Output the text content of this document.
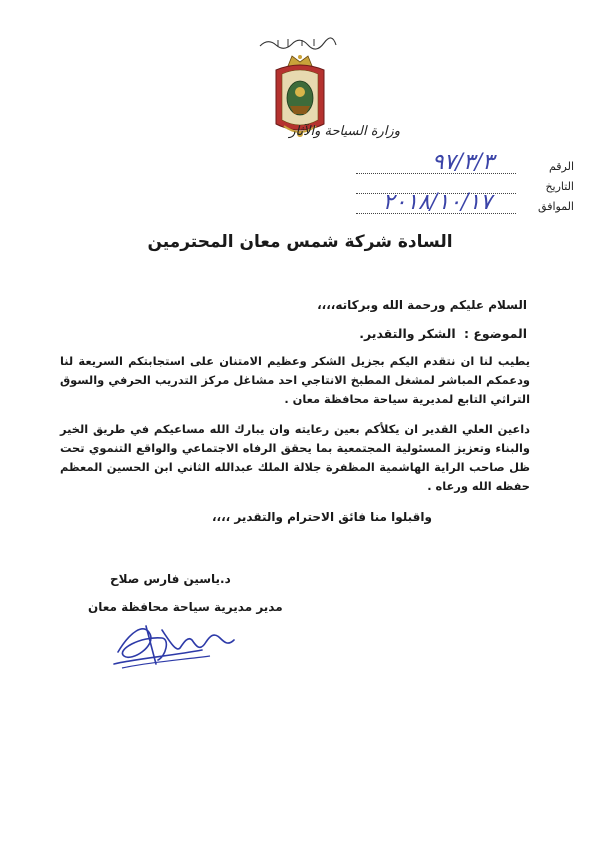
وزارة السياحة والآثار
الرقم
٩٧/٣/٣
التاريخ
الموافق
٢٠١٨/١٠/١٧
السادة شركة شمس معان المحترمين
السلام عليكم ورحمة الله وبركاته،،،،
الموضوع : الشكر والتقدير.
يطيب لنا ان نتقدم اليكم بجزيل الشكر وعظيم الامتنان على استجابتكم السريعة لنا ودعمكم المباشر لمشغل المطبخ الانتاجي احد مشاغل مركز التدريب الحرفي والسوق التراثي التابع لمديرية سياحة محافظة معان .
داعين العلي القدير ان يكلأكم بعين رعايته وان يبارك الله مساعيكم في طريق الخير والبناء وتعزيز المسئولية المجتمعية بما يحقق الرفاه الاجتماعي والواقع التنموي تحت ظل صاحب الراية الهاشمية المظفرة جلالة الملك عبدالله الثاني ابن الحسين المعظم حفظه الله ورعاه .
واقبلوا منا فائق الاحترام والتقدير ،،،،
د.ياسين فارس صلاح
مدير مديرية سياحة محافظة معان
